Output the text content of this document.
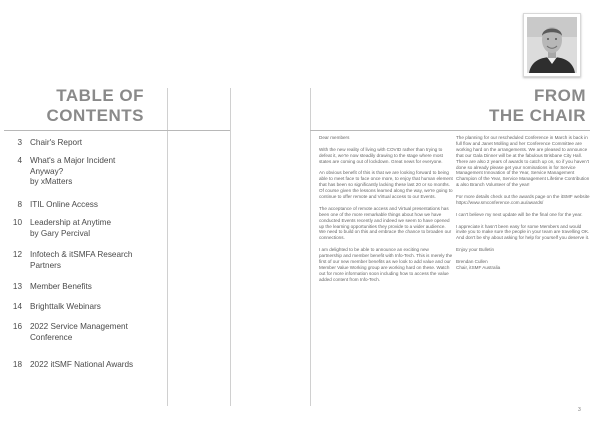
TABLE OF
CONTENTS
3 Chair's Report
4 What's a Major Incident
Anyway?
by xMatters
8 ITIL Online Access
10 Leadership at Anytime
by Gary Percival
12 Infotech & itSMFA Research
Partners
13 Member Benefits
14 Brighttalk Webinars
16 2022 Service Management
Conference
18 2022 itSMF National Awards
FROM
THE CHAIR

Dear members

With the new reality of living with COVID rather than trying to defeat it, we're now steadily drawing to the stage where most states are coming out of lockdown. Great news for everyone.

An obvious benefit of this is that we are looking forward to being able to meet face to face once more, to enjoy that human element that has been so significantly lacking these last 20 or so months. Of course given the lessons learned along the way, we're going to continue to offer remote and Virtual access to our Events.

The acceptance of remote access and Virtual presentations has been one of the more remarkable things about how we have conducted Events recently and indeed we seem to have opened up the learning opportunities they provide to a wider audience. We need to build on this and embrace the chance to broaden our connections.

I am delighted to be able to announce an exciting new partnership and member benefit with Info-Tech. This is merely the first of our new member benefits as we look to add value and our Member Value Working group are working hard on these. Watch out for more information soon including how to access the value added content from Info-Tech.

The planning for our rescheduled Conference in March is back in full flow and Janet Molling and her Conference Committee are working hard on the arrangements. We are pleased to announce that our Gala Dinner will be at the fabulous Brisbane City Hall. There are also 2 years of awards to catch up on, so if you haven't done so already please get your nominations in for Service Management Innovation of the Year, Service Management Champion of the Year, Service Management Lifetime Contribution & also Branch Volunteer of the year!

For more details check out the awards page on the itSMF website https://www.smconference.com.au/awards/

I can't believe my next update will be the final one for the year.

I appreciate it hasn't been easy for some Members and would invite you to make sure the people in your team are travelling OK. And don't be shy about asking for help for yourself you deserve it.

Enjoy your Bulletin

Brendan Cullen
Chair, itSMF Australia

3
